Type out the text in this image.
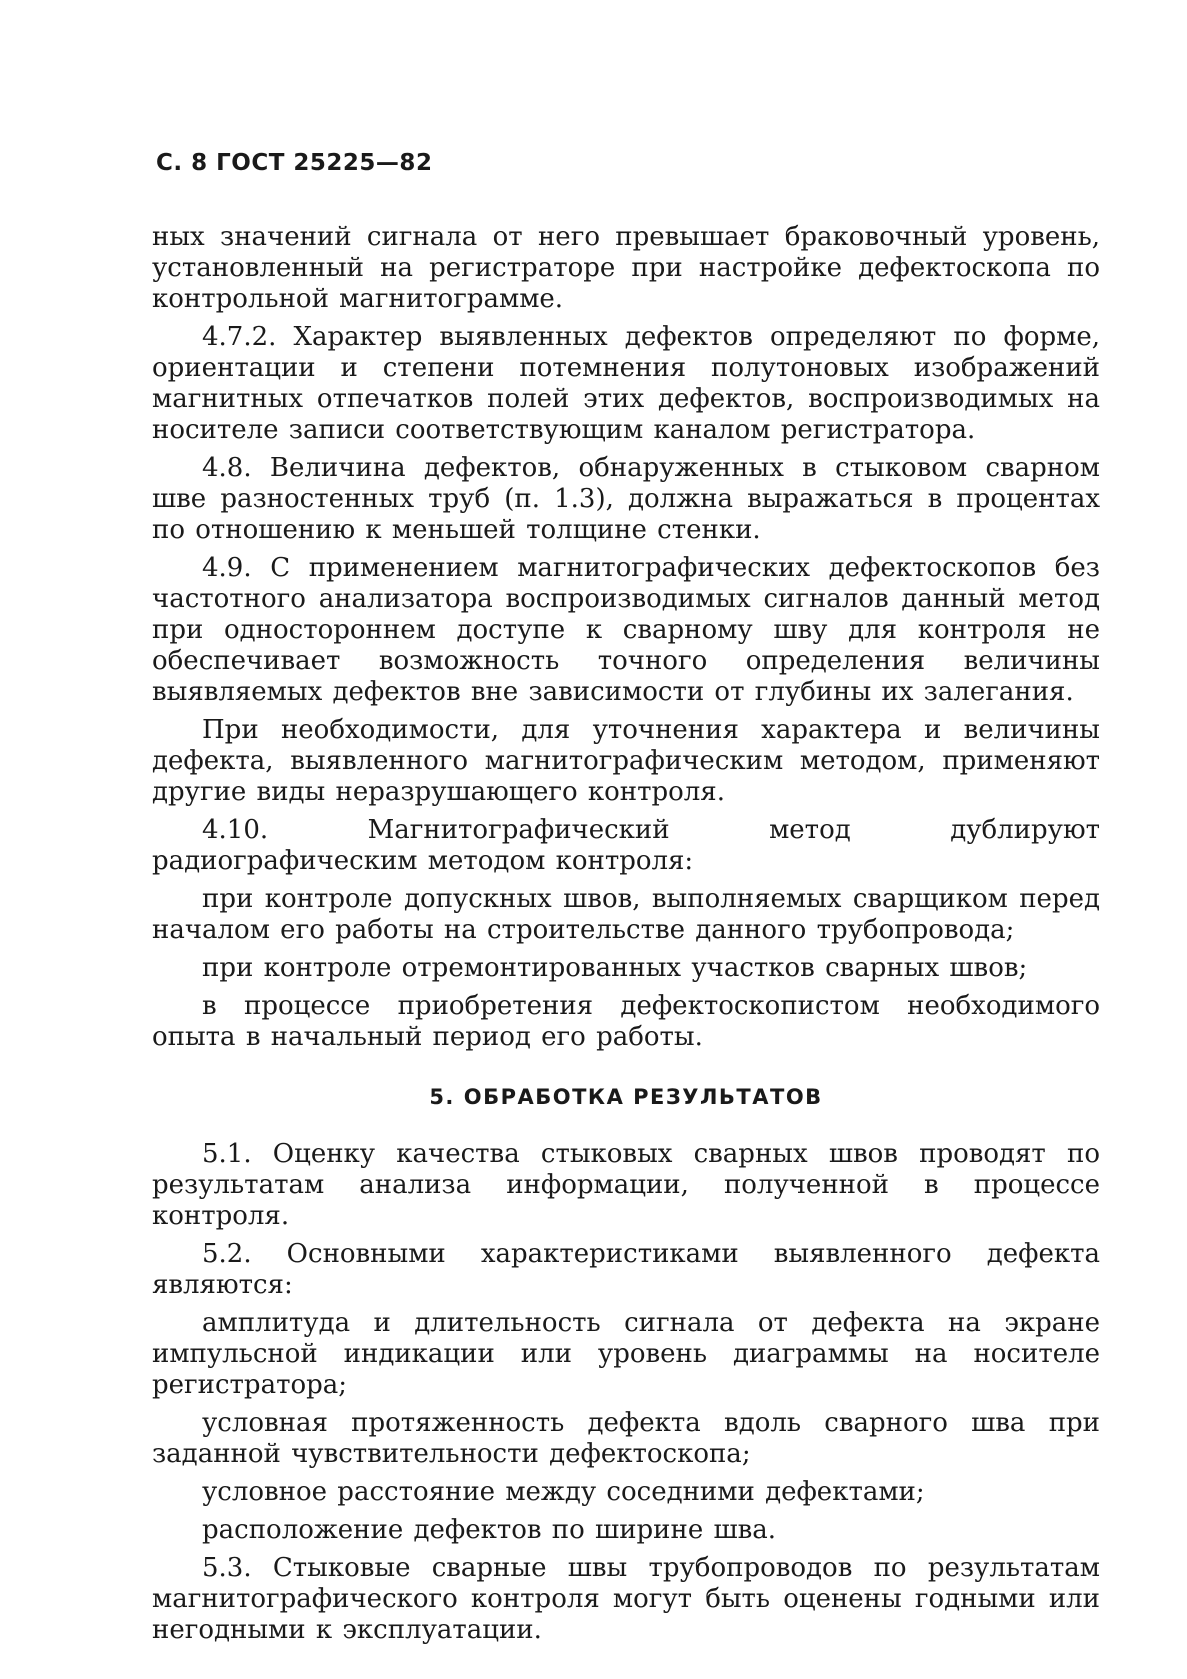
С. 8 ГОСТ 25225—82

ных значений сигнала от него превышает браковочный уровень, установленный на регистраторе при настройке дефектоскопа по контрольной магнитограмме.

4.7.2. Характер выявленных дефектов определяют по форме, ориентации и степени потемнения полутоновых изображений магнитных отпечатков полей этих дефектов, воспроизводимых на носителе записи соответствующим каналом регистратора.

4.8. Величина дефектов, обнаруженных в стыковом сварном шве разностенных труб (п. 1.3), должна выражаться в процентах по отношению к меньшей толщине стенки.

4.9. С применением магнитографических дефектоскопов без частотного анализатора воспроизводимых сигналов данный метод при одностороннем доступе к сварному шву для контроля не обеспечивает возможность точного определения величины выявляемых дефектов вне зависимости от глубины их залегания.

При необходимости, для уточнения характера и величины дефекта, выявленного магнитографическим методом, применяют другие виды неразрушающего контроля.

4.10. Магнитографический метод дублируют радиографическим методом контроля:

при контроле допускных швов, выполняемых сварщиком перед началом его работы на строительстве данного трубопровода;

при контроле отремонтированных участков сварных швов;

в процессе приобретения дефектоскопистом необходимого опыта в начальный период его работы.

5. ОБРАБОТКА РЕЗУЛЬТАТОВ

5.1. Оценку качества стыковых сварных швов проводят по результатам анализа информации, полученной в процессе контроля.

5.2. Основными характеристиками выявленного дефекта являются:

амплитуда и длительность сигнала от дефекта на экране импульсной индикации или уровень диаграммы на носителе регистратора;

условная протяженность дефекта вдоль сварного шва при заданной чувствительности дефектоскопа;

условное расстояние между соседними дефектами;

расположение дефектов по ширине шва.

5.3. Стыковые сварные швы трубопроводов по результатам магнитографического контроля могут быть оценены годными или негодными к эксплуатации.
